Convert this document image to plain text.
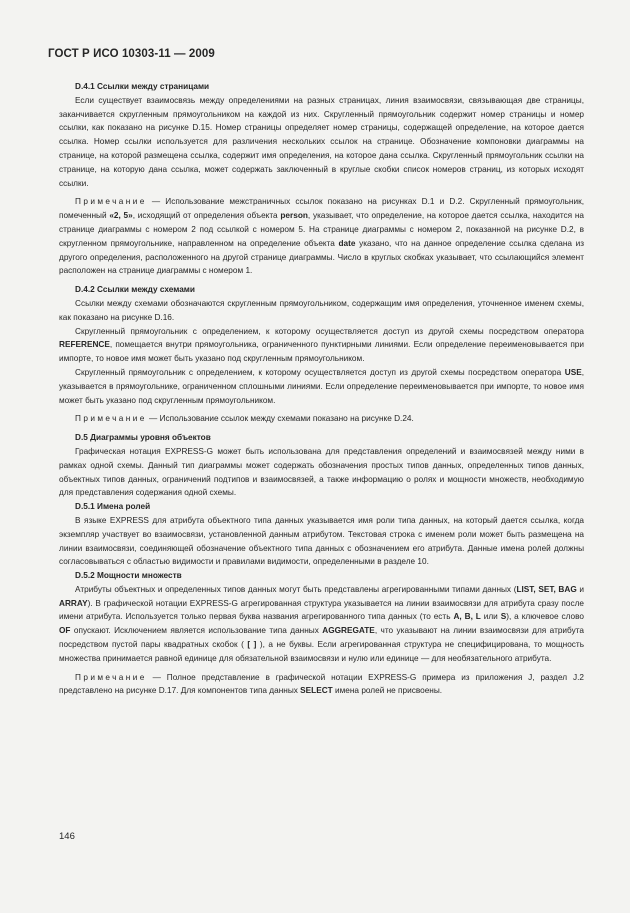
ГОСТ Р ИСО 10303-11 — 2009
D.4.1 Ссылки между страницами
Если существует взаимосвязь между определениями на разных страницах, линия взаимосвязи, связывающая две страницы, заканчивается скругленным прямоугольником на каждой из них. Скругленный прямоугольник содержит номер страницы и номер ссылки, как показано на рисунке D.15. Номер страницы определяет номер страницы, содержащей определение, на которое дается ссылка. Номер ссылки используется для различения нескольких ссылок на странице. Обозначение компоновки диаграммы на странице, на которой размещена ссылка, содержит имя определения, на которое дана ссылка. Скругленный прямоугольник ссылки на странице, на которую дана ссылка, может содержать заключенный в круглые скобки список номеров страниц, из которых исходят ссылки.
Примечание — Использование межстраничных ссылок показано на рисунках D.1 и D.2. Скругленный прямоугольник, помеченный «2, 5», исходящий от определения объекта person, указывает, что определение, на которое дается ссылка, находится на странице диаграммы с номером 2 под ссылкой с номером 5. На странице диаграммы с номером 2, показанной на рисунке D.2, в скругленном прямоугольнике, направленном на определение объекта date указано, что на данное определение ссылка сделана из другого определения, расположенного на другой странице диаграммы. Число в круглых скобках указывает, что ссылающийся элемент расположен на странице диаграммы с номером 1.
D.4.2 Ссылки между схемами
Ссылки между схемами обозначаются скругленным прямоугольником, содержащим имя определения, уточненное именем схемы, как показано на рисунке D.16.
Скругленный прямоугольник с определением, к которому осуществляется доступ из другой схемы посредством оператора REFERENCE, помещается внутри прямоугольника, ограниченного пунктирными линиями. Если определение переименовывается при импорте, то новое имя может быть указано под скругленным прямоугольником.
Скругленный прямоугольник с определением, к которому осуществляется доступ из другой схемы посредством оператора USE, указывается в прямоугольнике, ограниченном сплошными линиями. Если определение переименовывается при импорте, то новое имя может быть указано под скругленным прямоугольником.
Примечание — Использование ссылок между схемами показано на рисунке D.24.
D.5 Диаграммы уровня объектов
Графическая нотация EXPRESS-G может быть использована для представления определений и взаимосвязей между ними в рамках одной схемы. Данный тип диаграммы может содержать обозначения простых типов данных, определенных типов данных, объектных типов данных, ограничений подтипов и взаимосвязей, а также информацию о ролях и мощности множеств, необходимую для представления содержания одной схемы.
D.5.1 Имена ролей
В языке EXPRESS для атрибута объектного типа данных указывается имя роли типа данных, на который дается ссылка, когда экземпляр участвует во взаимосвязи, установленной данным атрибутом. Текстовая строка с именем роли может быть размещена на линии взаимосвязи, соединяющей обозначение объектного типа данных с обозначением его атрибута. Данные имена ролей должны согласовываться с областью видимости и правилами видимости, определенными в разделе 10.
D.5.2 Мощности множеств
Атрибуты объектных и определенных типов данных могут быть представлены агрегированными типами данных (LIST, SET, BAG и ARRAY). В графической нотации EXPRESS-G агрегированная структура указывается на линии взаимосвязи для атрибута сразу после имени атрибута. Используется только первая буква названия агрегированного типа данных (то есть A, B, L или S), а ключевое слово OF опускают. Исключением является использование типа данных AGGREGATE, что указывают на линии взаимосвязи для атрибута посредством пустой пары квадратных скобок ( [ ] ), а не буквы. Если агрегированная структура не специфицирована, то мощность множества принимается равной единице для обязательной взаимосвязи и нулю или единице — для необязательного атрибута.
Примечание — Полное представление в графической нотации EXPRESS-G примера из приложения J, раздел J.2 представлено на рисунке D.17. Для компонентов типа данных SELECT имена ролей не присвоены.
146
